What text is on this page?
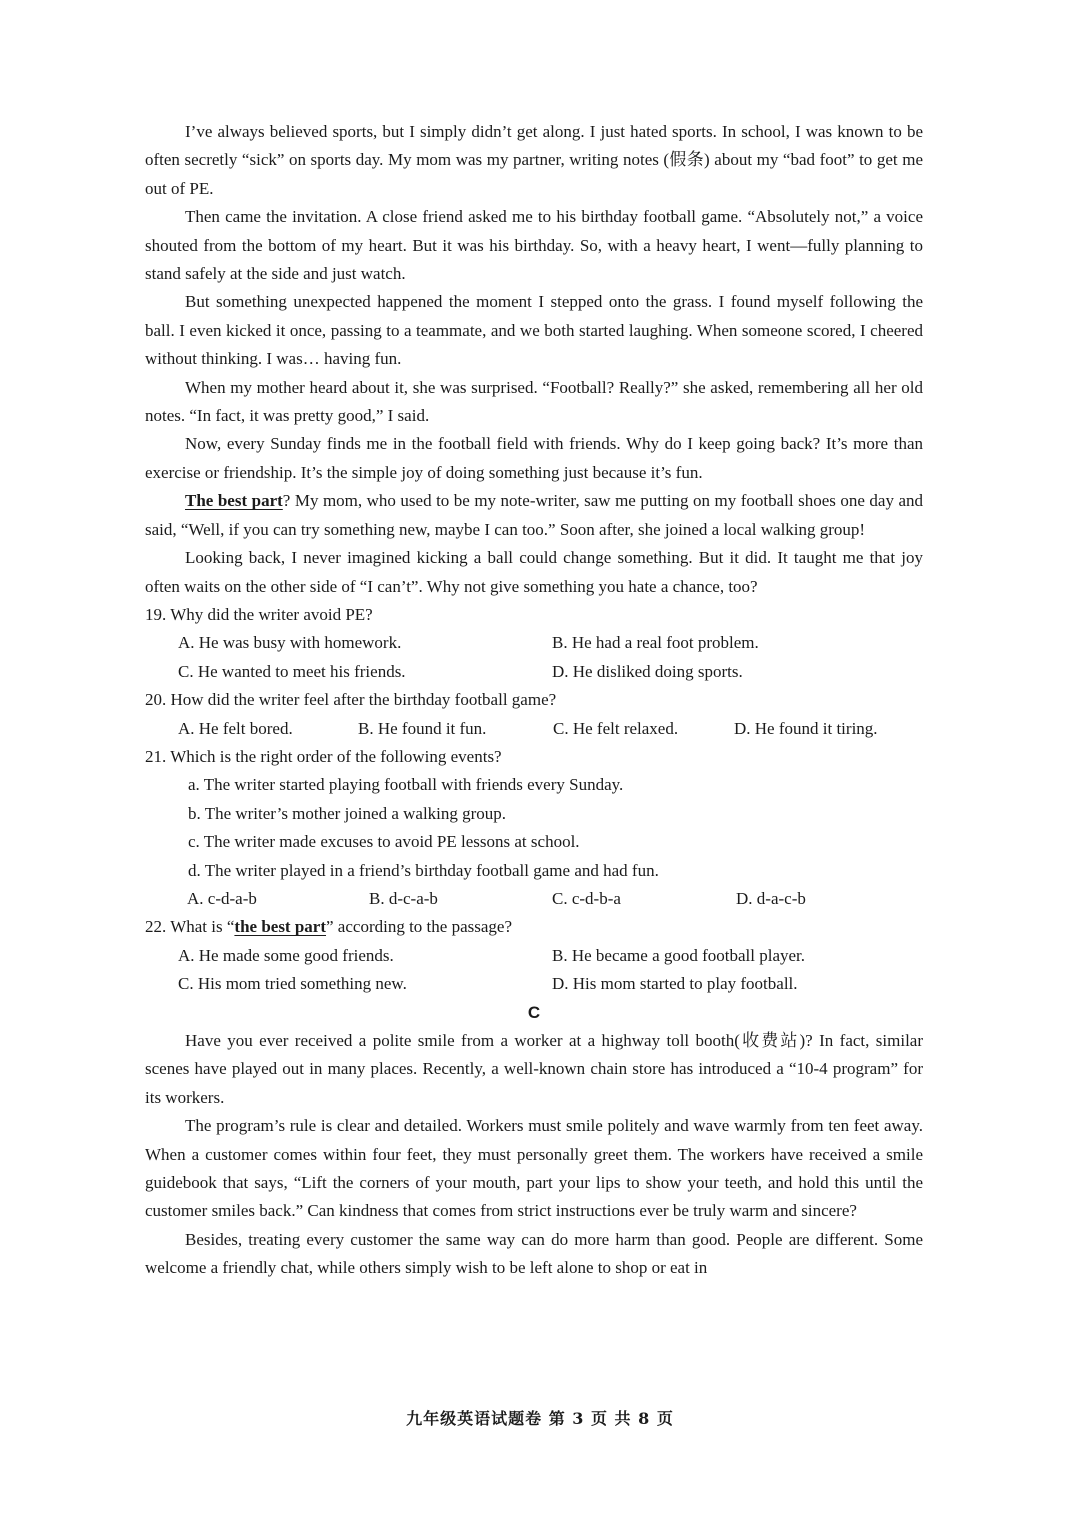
I’ve always believed sports, but I simply didn’t get along. I just hated sports. In school, I was known to be often secretly “sick” on sports day. My mom was my partner, writing notes (假条) about my “bad foot” to get me out of PE.

Then came the invitation. A close friend asked me to his birthday football game. “Absolutely not,” a voice shouted from the bottom of my heart. But it was his birthday. So, with a heavy heart, I went—fully planning to stand safely at the side and just watch.

But something unexpected happened the moment I stepped onto the grass. I found myself following the ball. I even kicked it once, passing to a teammate, and we both started laughing. When someone scored, I cheered without thinking. I was… having fun.

When my mother heard about it, she was surprised. “Football? Really?” she asked, remembering all her old notes. “In fact, it was pretty good,” I said.

Now, every Sunday finds me in the football field with friends. Why do I keep going back? It’s more than exercise or friendship. It’s the simple joy of doing something just because it’s fun.

The best part? My mom, who used to be my note-writer, saw me putting on my football shoes one day and said, “Well, if you can try something new, maybe I can too.” Soon after, she joined a local walking group!

Looking back, I never imagined kicking a ball could change something. But it did. It taught me that joy often waits on the other side of “I can’t”. Why not give something you hate a chance, too?

19. Why did the writer avoid PE?

A. He was busy with homework.	B. He had a real foot problem.
C. He wanted to meet his friends.	D. He disliked doing sports.

20. How did the writer feel after the birthday football game?

A. He felt bored.	B. He found it fun.	C. He felt relaxed.	D. He found it tiring.

21. Which is the right order of the following events?

a. The writer started playing football with friends every Sunday.
b. The writer’s mother joined a walking group.
c. The writer made excuses to avoid PE lessons at school.
d. The writer played in a friend’s birthday football game and had fun.
A. c-d-a-b	B. d-c-a-b	C. c-d-b-a	D. d-a-c-b

22. What is “the best part” according to the passage?

A. He made some good friends.	B. He became a good football player.
C. His mom tried something new.	D. His mom started to play football.

C

Have you ever received a polite smile from a worker at a highway toll booth(收费站)? In fact, similar scenes have played out in many places. Recently, a well-known chain store has introduced a “10-4 program” for its workers.

The program’s rule is clear and detailed. Workers must smile politely and wave warmly from ten feet away. When a customer comes within four feet, they must personally greet them. The workers have received a smile guidebook that says, “Lift the corners of your mouth, part your lips to show your teeth, and hold this until the customer smiles back.” Can kindness that comes from strict instructions ever be truly warm and sincere?

Besides, treating every customer the same way can do more harm than good. People are different. Some welcome a friendly chat, while others simply wish to be left alone to shop or eat in

九年级英语试题卷 第 3 页 共 8 页
